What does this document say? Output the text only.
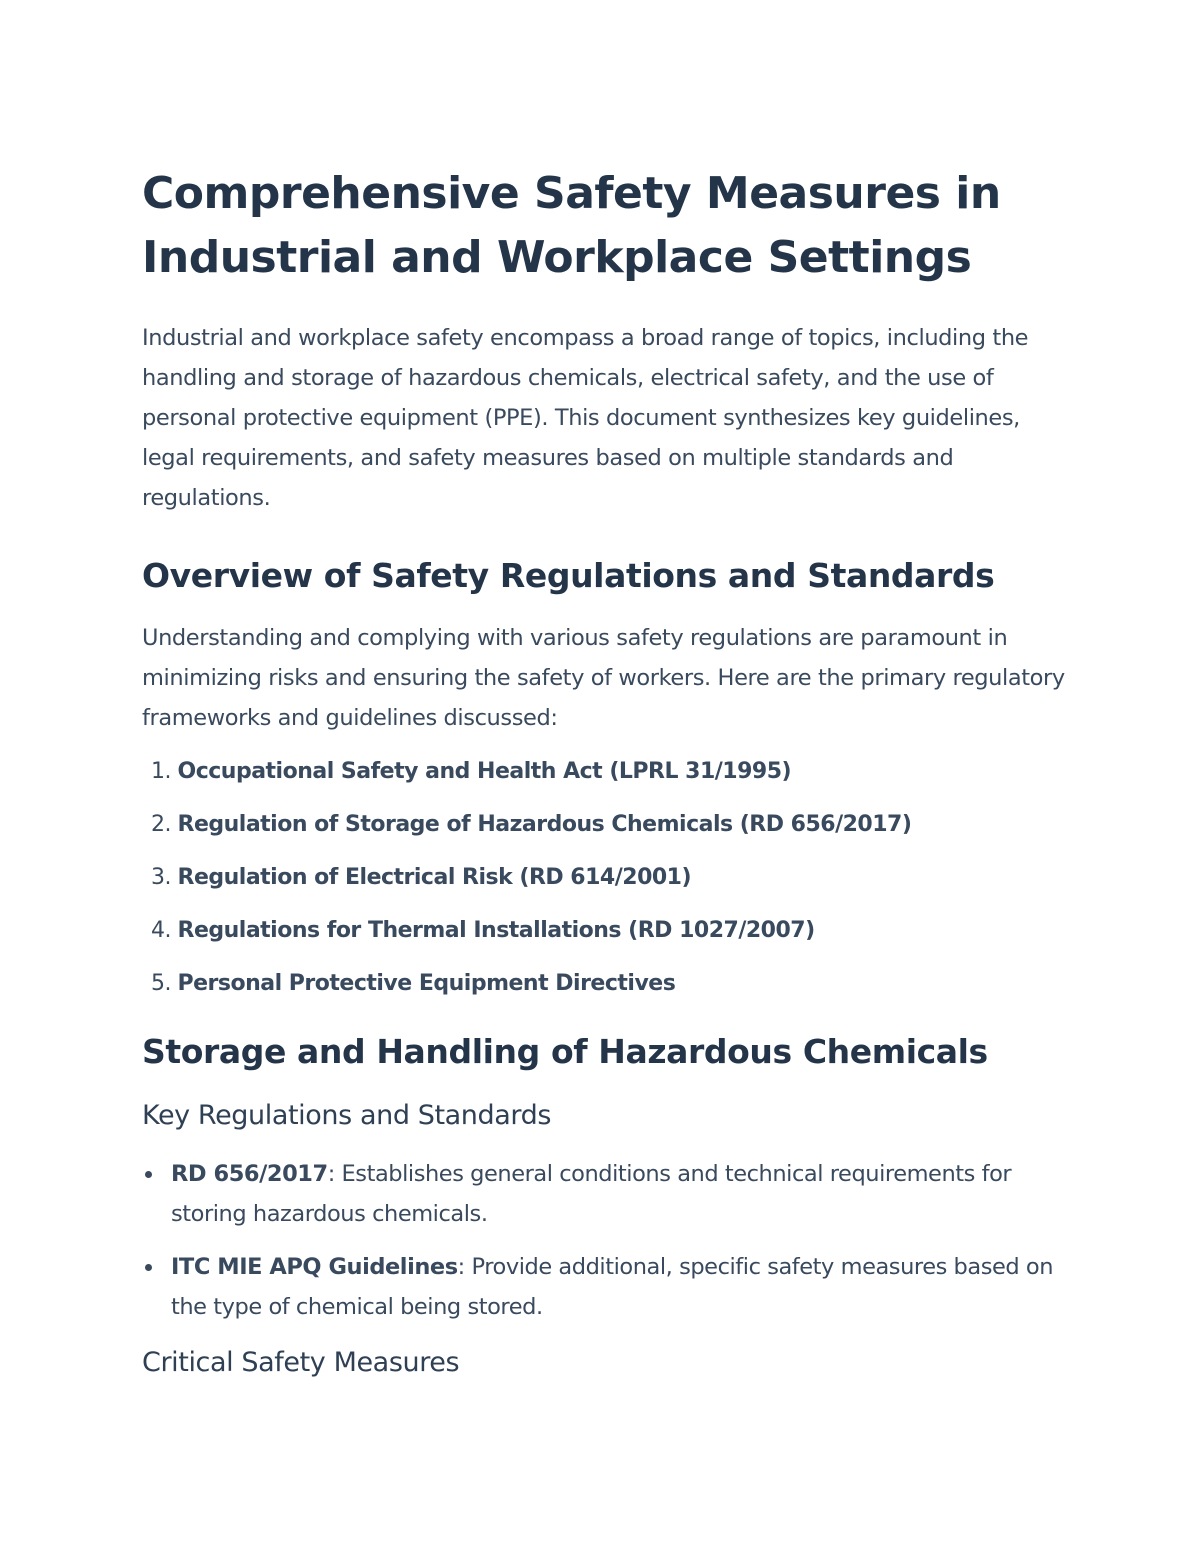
Comprehensive Safety Measures in Industrial and Workplace Settings

Industrial and workplace safety encompass a broad range of topics, including the handling and storage of hazardous chemicals, electrical safety, and the use of personal protective equipment (PPE). This document synthesizes key guidelines, legal requirements, and safety measures based on multiple standards and regulations.

Overview of Safety Regulations and Standards

Understanding and complying with various safety regulations are paramount in minimizing risks and ensuring the safety of workers. Here are the primary regulatory frameworks and guidelines discussed:

1. Occupational Safety and Health Act (LPRL 31/1995)
2. Regulation of Storage of Hazardous Chemicals (RD 656/2017)
3. Regulation of Electrical Risk (RD 614/2001)
4. Regulations for Thermal Installations (RD 1027/2007)
5. Personal Protective Equipment Directives
Storage and Handling of Hazardous Chemicals
Key Regulations and Standards
RD 656/2017: Establishes general conditions and technical requirements for storing hazardous chemicals.
ITC MIE APQ Guidelines: Provide additional, specific safety measures based on the type of chemical being stored.
Critical Safety Measures
